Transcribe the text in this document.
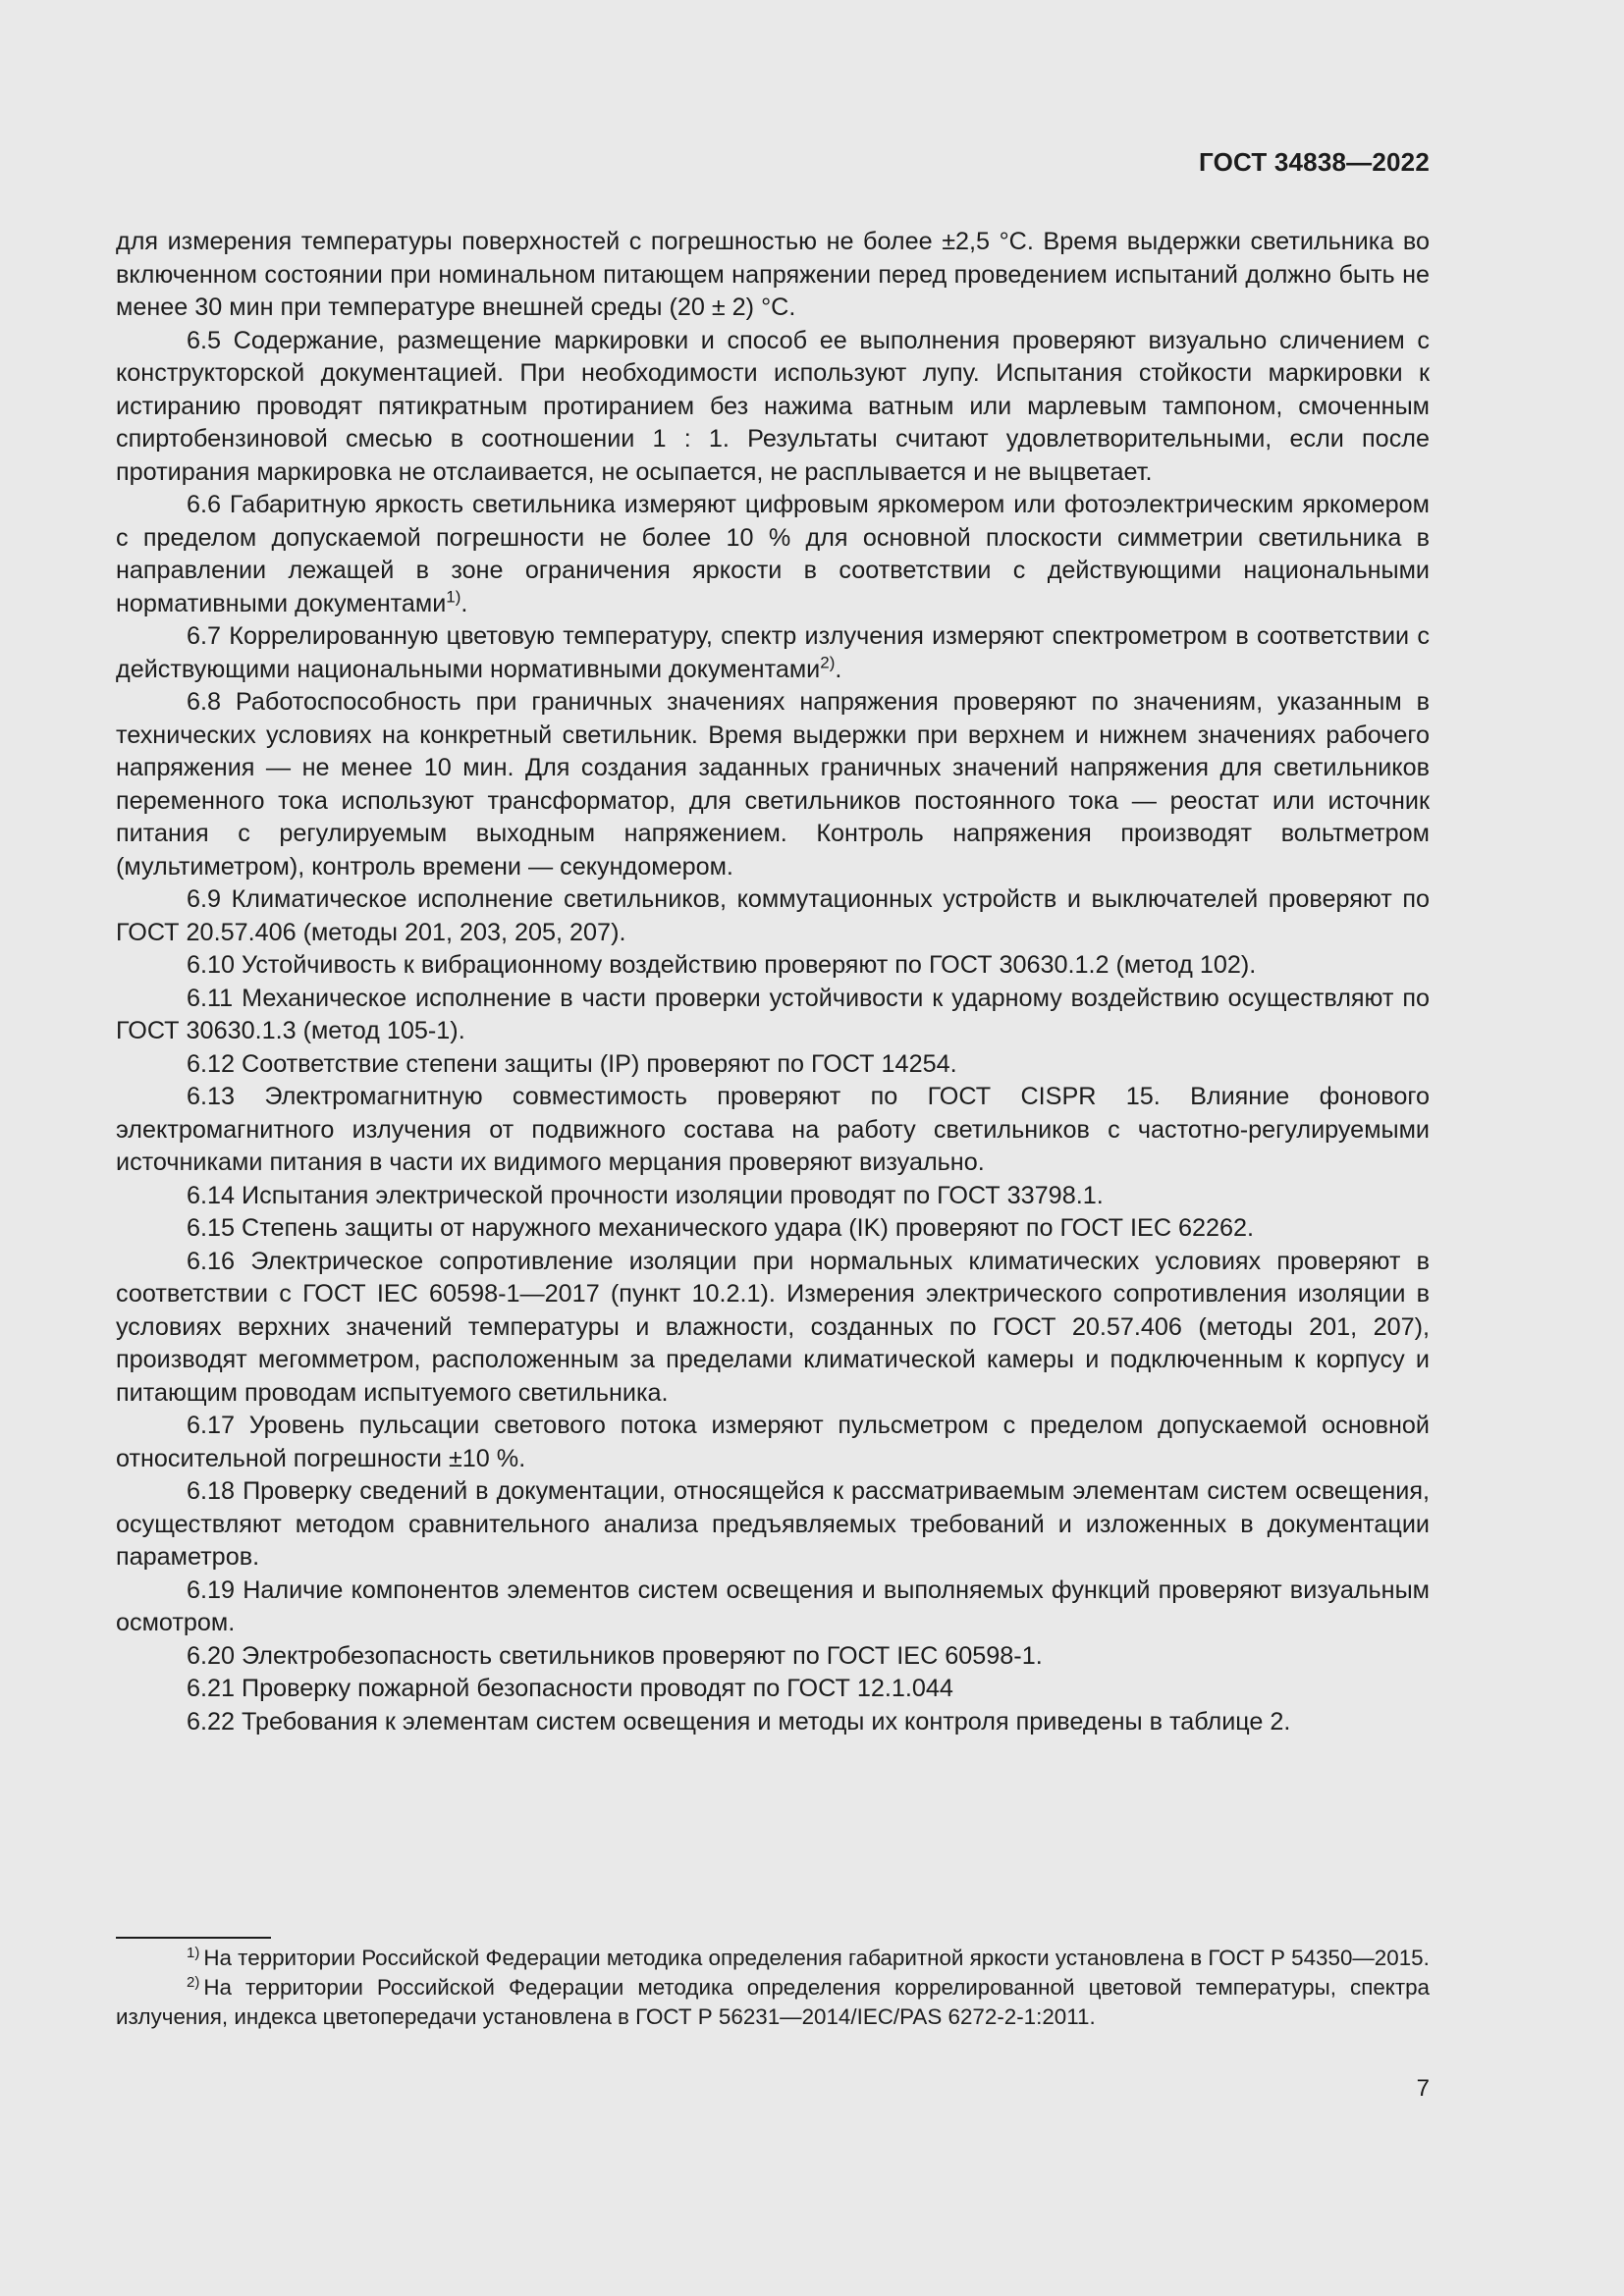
ГОСТ 34838—2022

для измерения температуры поверхностей с погрешностью не более ±2,5 °С. Время выдержки светильника во включенном состоянии при номинальном питающем напряжении перед проведением испытаний должно быть не менее 30 мин при температуре внешней среды (20 ± 2) °С.

6.5 Содержание, размещение маркировки и способ ее выполнения проверяют визуально сличением с конструкторской документацией. При необходимости используют лупу. Испытания стойкости маркировки к истиранию проводят пятикратным протиранием без нажима ватным или марлевым тампоном, смоченным спиртобензиновой смесью в соотношении 1 : 1. Результаты считают удовлетворительными, если после протирания маркировка не отслаивается, не осыпается, не расплывается и не выцветает.

6.6 Габаритную яркость светильника измеряют цифровым яркомером или фотоэлектрическим яркомером с пределом допускаемой погрешности не более 10 % для основной плоскости симметрии светильника в направлении лежащей в зоне ограничения яркости в соответствии с действующими национальными нормативными документами$^{1)}$.

6.7 Коррелированную цветовую температуру, спектр излучения измеряют спектрометром в соответствии с действующими национальными нормативными документами$^{2)}$.

6.8 Работоспособность при граничных значениях напряжения проверяют по значениям, указанным в технических условиях на конкретный светильник. Время выдержки при верхнем и нижнем значениях рабочего напряжения — не менее 10 мин. Для создания заданных граничных значений напряжения для светильников переменного тока используют трансформатор, для светильников постоянного тока — реостат или источник питания с регулируемым выходным напряжением. Контроль напряжения производят вольтметром (мультиметром), контроль времени — секундомером.

6.9 Климатическое исполнение светильников, коммутационных устройств и выключателей проверяют по ГОСТ 20.57.406 (методы 201, 203, 205, 207).

6.10 Устойчивость к вибрационному воздействию проверяют по ГОСТ 30630.1.2 (метод 102).

6.11 Механическое исполнение в части проверки устойчивости к ударному воздействию осуществляют по ГОСТ 30630.1.3 (метод 105-1).

6.12 Соответствие степени защиты (IP) проверяют по ГОСТ 14254.

6.13 Электромагнитную совместимость проверяют по ГОСТ CISPR 15. Влияние фонового электромагнитного излучения от подвижного состава на работу светильников с частотно-регулируемыми источниками питания в части их видимого мерцания проверяют визуально.

6.14 Испытания электрической прочности изоляции проводят по ГОСТ 33798.1.

6.15 Степень защиты от наружного механического удара (IK) проверяют по ГОСТ IEC 62262.

6.16 Электрическое сопротивление изоляции при нормальных климатических условиях проверяют в соответствии с ГОСТ IEC 60598-1—2017 (пункт 10.2.1). Измерения электрического сопротивления изоляции в условиях верхних значений температуры и влажности, созданных по ГОСТ 20.57.406 (методы 201, 207), производят мегомметром, расположенным за пределами климатической камеры и подключенным к корпусу и питающим проводам испытуемого светильника.

6.17 Уровень пульсации светового потока измеряют пульсметром с пределом допускаемой основной относительной погрешности ±10 %.

6.18 Проверку сведений в документации, относящейся к рассматриваемым элементам систем освещения, осуществляют методом сравнительного анализа предъявляемых требований и изложенных в документации параметров.

6.19 Наличие компонентов элементов систем освещения и выполняемых функций проверяют визуальным осмотром.

6.20 Электробезопасность светильников проверяют по ГОСТ IEC 60598-1.

6.21 Проверку пожарной безопасности проводят по ГОСТ 12.1.044

6.22 Требования к элементам систем освещения и методы их контроля приведены в таблице 2.

$^{1)}$ На территории Российской Федерации методика определения габаритной яркости установлена в ГОСТ Р 54350—2015.

$^{2)}$ На территории Российской Федерации методика определения коррелированной цветовой температуры, спектра излучения, индекса цветопередачи установлена в ГОСТ Р 56231—2014/IEC/PAS 6272-2-1:2011.

7
